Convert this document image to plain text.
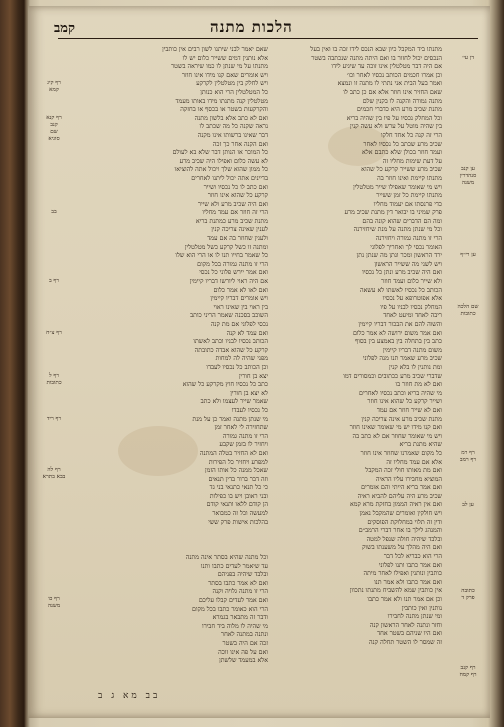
קמב	הלכות מתנה
מתנתו ביד המקבל כיון שבא הנכס לידו זכה בו ואין בעל
הנכסים יכול לחזור בו ואם היתה מתנה שנכתבה בשטר
אם היה דבר מטלטלין אינו זוכה עד שיגיע לידו
וכן אמרו חכמים הכותב נכסיו לאחר וכו׳
ואמר בעל הבית אני נתתי לו מתנה זו ונמצא
שאם החזיר אינו חוזר אלא אם כן כתב לו
מתנה גמורה והקנה לו בקנין שלם
מתנת שכיב מרע היא כדברי חכמים
וכל המחלק נכסיו על פיו בין שהיה בריא
בין שהיה מוטל על ערש ולא עשה קנין
הרי זה קנה כל אחד חלקו
שכיב מרע שכתב כל נכסיו לאחר
ועמד חוזר בכולן שלא כתבם אלא
על דעת שימות מחליו זה
שכיב מרע ששייר קרקע כל שהוא
מתנתו קיימת ואינו חוזר בה
ויש מי שאומר שאפילו שייר מטלטלין
מתנתו קיימת כל זמן ששייר
כדי פרנסתו אם יעמוד מחליו
פרק שמיני בו יבואר דין מתנת שכיב מרע
ומה הם הדברים שהוא קונה בהם
וכל מי שנתן מתנה על מנת שיחזירנה
הרי זו מתנה גמורה ויחזירנה
האומר נכסי לך ואחריך לפלוני
ירד הראשון ומכר ונתן מה שנתן נתן
ויש לשני מה ששייר הראשון
ואם היה שכיב מרע ונתן כל נכסיו
ולא שייר כלום ועמד חוזר
הכותב כל נכסיו לאשתו לא עשאה
אלא אפוטרופא על נכסיו
המחלק נכסיו לבניו על פיו
ריבה לאחד ומיעט לאחד
והשוה להם את הבכור דבריו קיימין
ואם אמר משום ירושה לא אמר כלום
כתב בין בתחלה בין באמצע בין בסוף
משום מתנה דבריו קיימין
שכיב מרע שאמר תנו מנה לפלוני
ומת נותנין לו בלא קנין
שדברי שכיב מרע ככתובים וכמסורים דמו
ואם לא מת חוזר בו
מי שהיה בריא וכתב נכסיו לאחרים
ושייר קרקע כל שהוא אינו חוזר
ואם לא שייר חוזר אם עמד
מתנת שכיב מרע אינה צריכה קנין
ואם קנו מידו יש מי שאומר שאינו חוזר
ויש מי שאומר שחוזר אם לא כתב בה
שהיא מתנת בריא
כל מקום שאמרנו שחוזר אינו חוזר
אלא אם עמד מחליו זה
ואם מת מאותו חולי זכה המקבל
המוציא מחבירו עליו הראיה
ואם אמר בריא הייתי והם אומרים
שכיב מרע היה עליהם להביא ראיה
ואם אין ראיה הממון בחזקת מרא קמא
ויש חולקין ואומרים שהמקבל נאמן
ודין זה תלוי במחלוקת הפוסקים
והמנהג לילך בו אחר דברי הרמב״ם
ובלבד שיהיה חולה שנפל למטה
ואם היה מהלך על משענתו בשוק
הרי הוא כבריא לכל דבר
ואם אמר כתבו ותנו לפלוני
כותבין ונותנין ואפילו לאחר מיתה
ואם אמר כתבו ולא אמר תנו
אין כותבין שמא להשביח מתנתו נתכוון
וכן אם אמר תנו ולא אמר כתבו
נותנין ואין כותבין
ומי שנתן מתנה לחבירו
וחזר ונתנה לאחר הראשון קנה
ואם היו שניהם בשטר אחד
זה שמסר לו השטר תחלה קנה
שאם יאמר לבני שיתנו לשון רבים אין כותבין
אלא נותנין דמים ששייר כלום יש לו
מתנתו על מי שנתן לו כמו שיראה בשטר
ויש אומרים שאם קנו מידו אינו חוזר
ויש לחלק בין מטלטלין לקרקע
כל המטלטלין הרי הוא כנותן
מטלטלין קנה מתנתו מידו באותו מעמד
והקרקעות בשטר או בכסף או בחזקה
ואם לא כתב אלא בלשון מתנה
נראה שקנה כל מה שכתב לו
דבר שאינו ברשותו אינו מקנה
ואם הקנה אחר כך זכה
כל המוכר או הנותן דבר שלא בא לעולם
לא עשה כלום ואפילו היה שכיב מרע
כל ממון שהוא שלך ויכול אתה להוציאו
בדיינים אתה יכול ליתנו לאחרים
ואם כתב לו כל נכסיו ושייר
קרקע כל שהוא אינו חוזר
ואם היה שכיב מרע ולא שייר
הרי זה חוזר אם עמד מחליו
מתנת שכיב מרע כמתנת בריא
לענין שאינה צריכה קנין
ולענין שחוזר בה אם עמד
ומתנה זו כשל קרקע כשל מטלטלין
כל שאמר בחייו תנו לו או הרי הוא שלו
הרי זו מתנה גמורה בכל מקום
ואם אמר יירש פלוני כל נכסי
אם היה ראוי ליורשו דבריו קיימין
ואם לאו לא אמר כלום
ויש אומרים דבריו קיימין
בין ראוי בין שאינו ראוי
השוכב בסכנה שאמר הריני כותב
נכסי לפלוני אם מת קנה
ואם עמד לא קנה
הכותב נכסיו לבניו וכתב לאשתו
קרקע כל שהוא אבדה כתובתה
מפני שהיה לה למחות
וכן הכותב כל נכסיו לעבדו
יצא בן חורין
כתב כל נכסיו חוץ מקרקע כל שהוא
לא יצא בן חורין
שאמר שייר לעצמו ולא כתב
כל נכסיו לעבדו
מי שנתן מתנה ואמר כן על מנת
שתחזירה לי לאחר זמן
הרי זו מתנה גמורה
ויחזיר לו בזמן שקבע
ואם לא החזיר בטלה המתנה
למפרע ויחזיר כל הפירות
שאכל ממנה כל אותו הזמן
וזה דבר ברור בדין תנאים
כי כל תנאי כתנאי בני גד
ובני ראובן ויש בו כפילות
הן קודם ללאו ותנאי קודם
למעשה וכל זה כמבואר
בהלכות אישות פרק ששי
וכל מתנה שהיא בסתר אינה מתנה
עד שיאמר לעדים כתבו ותנו
ובלבד שיהיה בפניהם
ואם לא אמר כתבו בסתר
הרי זו מתנה גלויה וקנה
ואם אמר לעדים קבלו עליכם
הרי הוא כאומר כתבו בכל מקום
ודבר זה מתבאר בגמרא
מי שהיה לו מלוה ביד חבירו
ונתנה במתנה לאחר
זכה אם היה בשטר
ואם על פה אינו זוכה
אלא במעמד שלשתן
דן עי׳
ען קנב
סנהדרין
משנה
ען רי״ף
שם הלכה
כתובות
רף רמ
רף רמב
ען לב
כתובה
פרק ד
רף קנב
רף קמח
רף קיג
קמא
רף קנא
קנב
שם
סוגיא
בב
רף ב
רף צ״ח
רף ל
כתובות
רף ריד
רף לה
בבא בתרא
רף כו
משנה
בב מא ג ב
